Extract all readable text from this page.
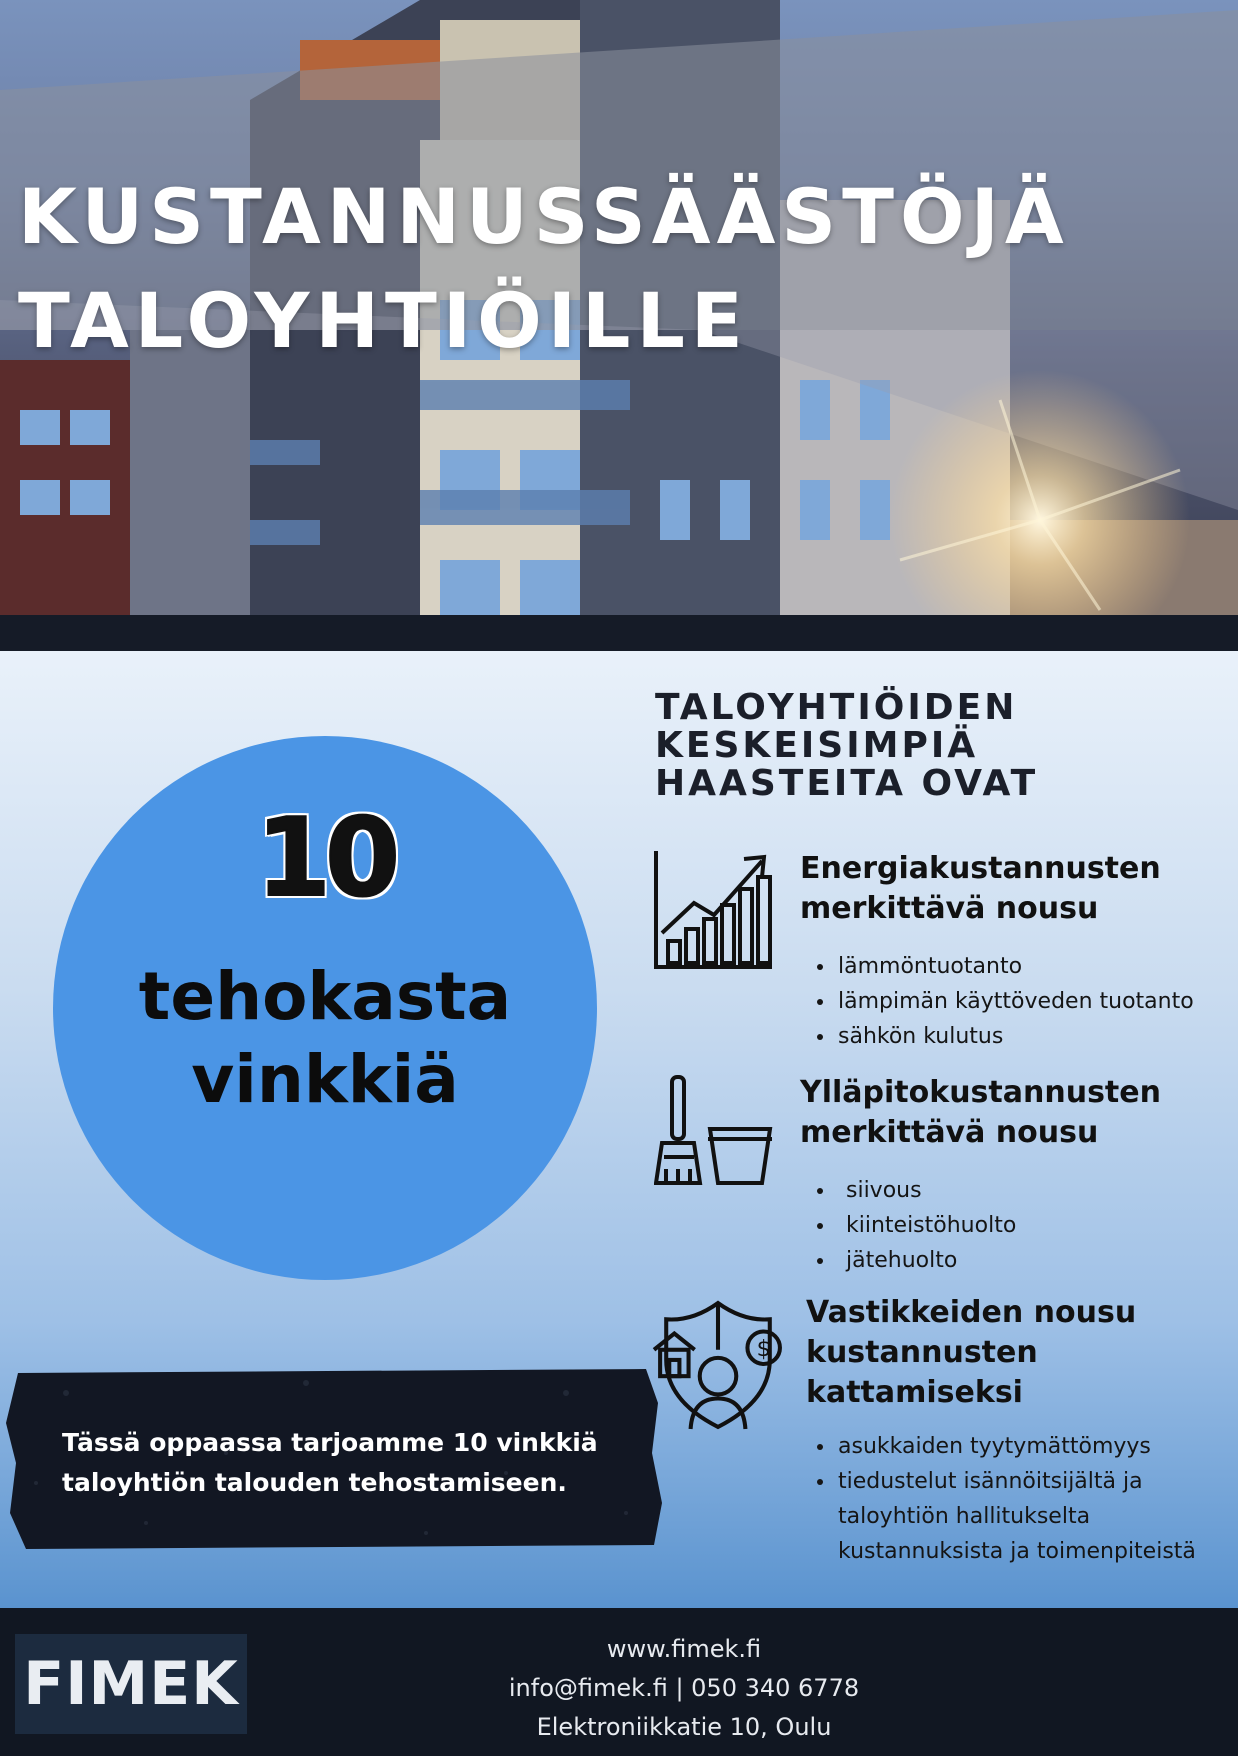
KUSTANNUSSÄÄSTÖJÄ
TALOYHTIÖILLE
10
tehokasta
vinkkiä
Tässä oppaassa tarjoamme 10 vinkkiä
taloyhtiön talouden tehostamiseen.
TALOYHTIÖIDEN
KESKEISIMPIÄ
HAASTEITA OVAT
Energiakustannusten
merkittävä nousu
• lämmöntuotanto
• lämpimän käyttöveden tuotanto
• sähkön kulutus
Ylläpitokustannusten
merkittävä nousu
• siivous
• kiinteistöhuolto
• jätehuolto
$
Vastikkeiden nousu
kustannusten
kattamiseksi
• asukkaiden tyytymättömyys
• tiedustelut isännöitsijältä ja taloyhtiön hallitukselta kustannuksista ja toimenpiteistä
FIMEK	www.fimek.fi
info@fimek.fi | 050 340 6778
Elektroniikkatie 10, Oulu
